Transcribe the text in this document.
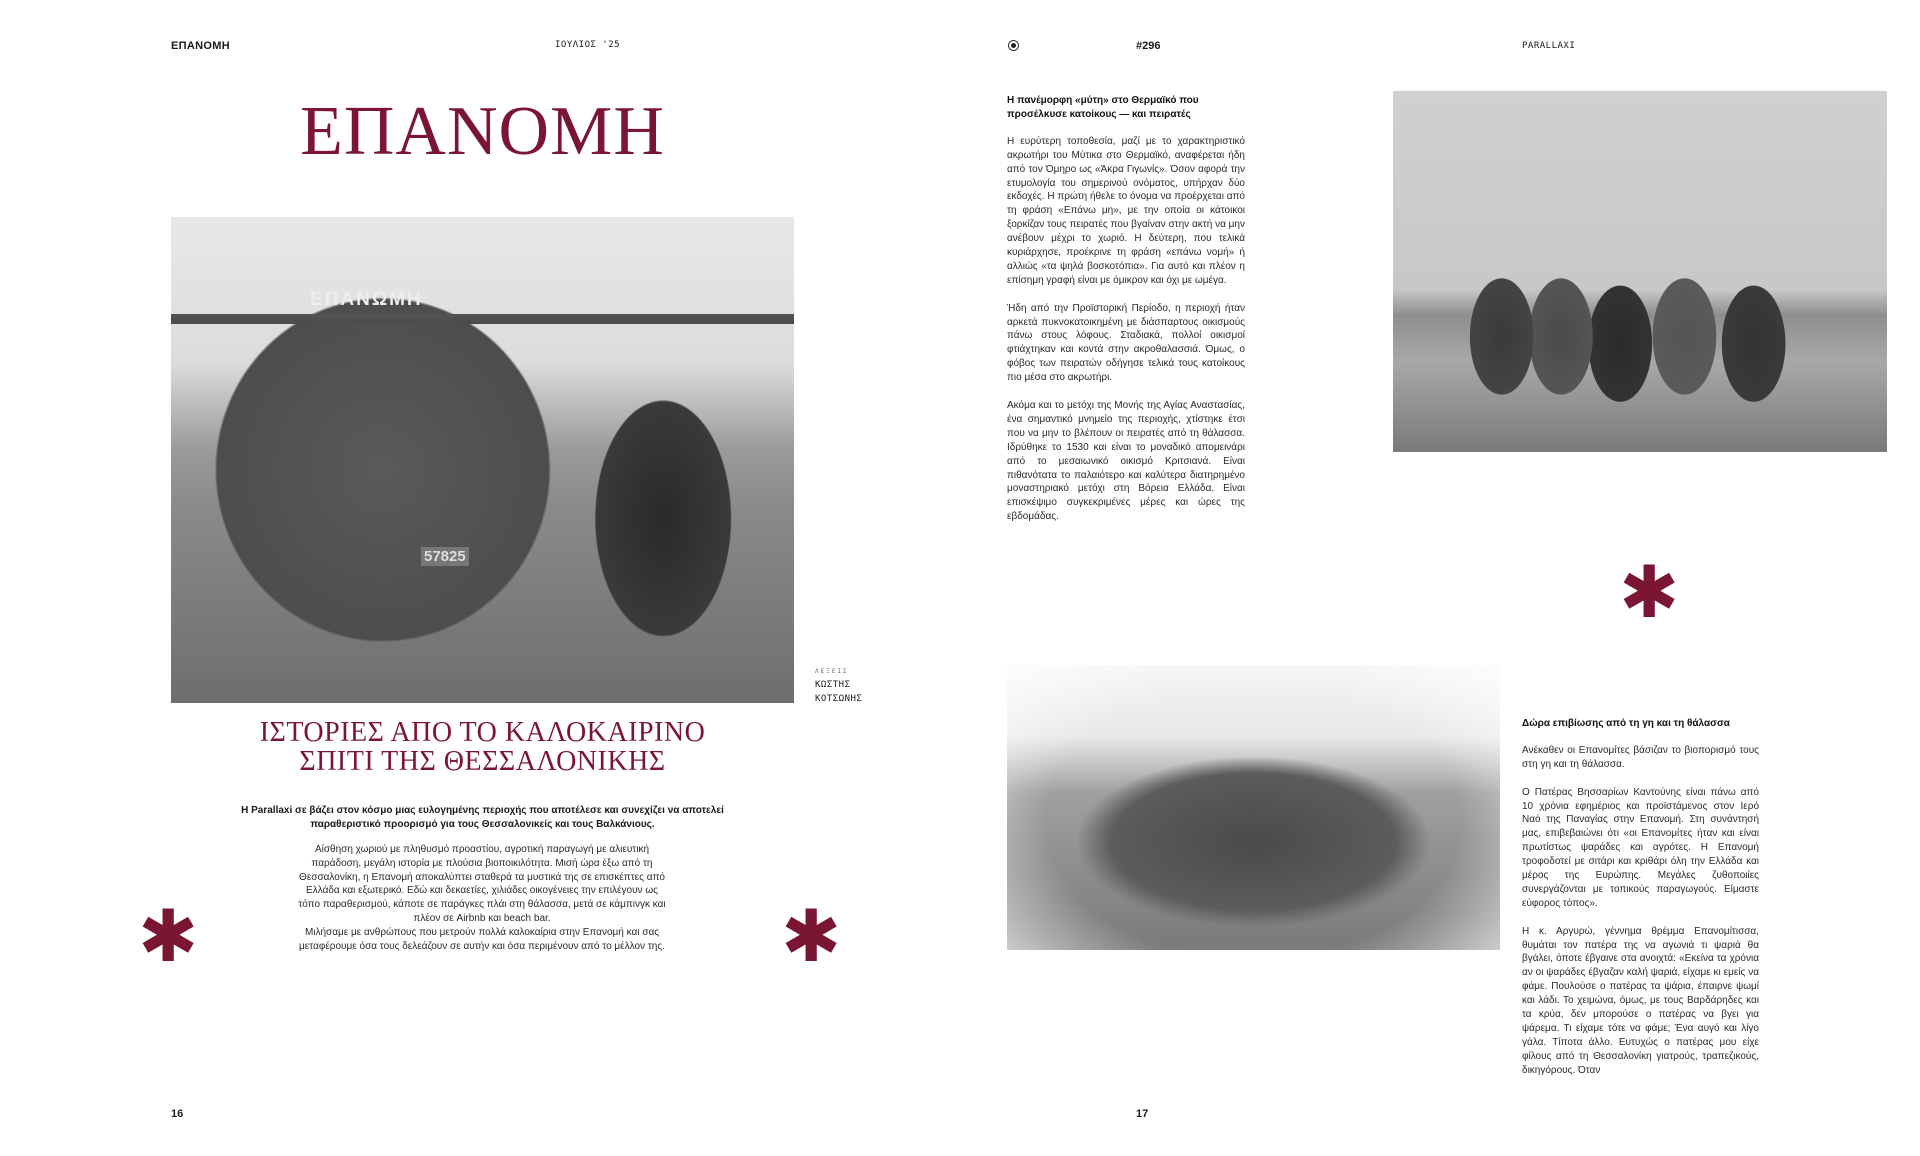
ΕΠΑΝΟΜΗ	ΙΟΥΛΙΟΣ '25
ΕΠΑΝΟΜΗ
ΕΠΑΝΩΜΗ
57825
ΛΕΞΕΙΣ
ΚΩΣΤΗΣ
ΚΟΤΣΩΝΗΣ
ΙΣΤΟΡΙΕΣ ΑΠΟ ΤΟ ΚΑΛΟΚΑΙΡΙΝΟ
ΣΠΙΤΙ ΤΗΣ ΘΕΣΣΑΛΟΝΙΚΗΣ

Η Parallaxi σε βάζει στον κόσμο μιας ευλογημένης περιοχής που αποτέλεσε και συνεχίζει να αποτελεί παραθεριστικό προορισμό για τους Θεσσαλονικείς και τους Βαλκάνιους.

Αίσθηση χωριού με πληθυσμό προαστίου, αγροτική παραγωγή με αλιευτική παράδοση, μεγάλη ιστορία με πλούσια βιοποικιλότητα. Μισή ώρα έξω από τη Θεσσαλονίκη, η Επανομή αποκαλύπτει σταθερά τα μυστικά της σε επισκέπτες από Ελλάδα και εξωτερικό. Εδώ και δεκαετίες, χιλιάδες οικογένειες την επιλέγουν ως τόπο παραθερισμού, κάποτε σε παράγκες πλάι στη θάλασσα, μετά σε κάμπινγκ και πλέον σε Airbnb και beach bar.

Μιλήσαμε με ανθρώπους που μετρούν πολλά καλοκαίρια στην Επανομή και σας μεταφέρουμε όσα τους δελεάζουν σε αυτήν και όσα περιμένουν από το μέλλον της.

✱	✱
16
#296	PARALLAXI
Η πανέμορφη «μύτη» στο Θερμαϊκό που προσέλκυσε κατοίκους — και πειρατές

Η ευρύτερη τοποθεσία, μαζί με το χαρακτηριστικό ακρωτήρι του Μύτικα στο Θερμαϊκό, αναφέρεται ήδη από τον Όμηρο ως «Άκρα Γιγωνίς». Όσον αφορά την ετυμολογία του σημερινού ονόματος, υπήρχαν δύο εκδοχές. Η πρώτη ήθελε το όνομα να προέρχεται από τη φράση «Επάνω μη», με την οποία οι κάτοικοι ξορκίζαν τους πειρατές που βγαίναν στην ακτή να μην ανέβουν μέχρι το χωριό. Η δεύτερη, που τελικά κυριάρχησε, προέκρινε τη φράση «επάνω νομή» ή αλλιώς «τα ψηλά βοσκοτόπια». Για αυτό και πλέον η επίσημη γραφή είναι με όμικρον και όχι με ωμέγα.

Ήδη από την Προϊστορική Περίοδο, η περιοχή ήταν αρκετά πυκνοκατοικημένη με διάσπαρτους οικισμούς πάνω στους λόφους. Σταδιακά, πολλοί οικισμοί φτιάχτηκαν και κοντά στην ακροθαλασσιά. Όμως, ο φόβος των πειρατών οδήγησε τελικά τους κατοίκους πιο μέσα στο ακρωτήρι.

Ακόμα και το μετόχι της Μονής της Αγίας Αναστασίας, ένα σημαντικό μνημείο της περιοχής, χτίστηκε έτσι που να μην το βλέπουν οι πειρατές από τη θάλασσα. Ιδρύθηκε το 1530 και είναι το μοναδικό απομεινάρι από το μεσαιωνικό οικισμό Κριτσιανά. Είναι πιθανότατα το παλαιότερο και καλύτερα διατηρημένο μοναστηριακό μετόχι στη Βόρεια Ελλάδα. Είναι επισκέψιμο συγκεκριμένες μέρες και ώρες της εβδομάδας.

✱
Δώρα επιβίωσης από τη γη και τη θάλασσα

Ανέκαθεν οι Επανομίτες βάσιζαν το βιοπορισμό τους στη γη και τη θάλασσα.

Ο Πατέρας Βησσαρίων Καντούνης είναι πάνω από 10 χρόνια εφημέριος και προϊστάμενος στον Ιερό Ναό της Παναγίας στην Επανομή. Στη συνάντησή μας, επιβεβαιώνει ότι «οι Επανομίτες ήταν και είναι πρωτίστως ψαράδες και αγρότες. Η Επανομή τροφοδοτεί με σιτάρι και κριθάρι όλη την Ελλάδα και μέρος της Ευρώπης. Μεγάλες ζυθοποιίες συνεργάζονται με τοπικούς παραγωγούς. Είμαστε εύφορος τόπος».

Η κ. Αργυρώ, γέννημα θρέμμα Επανομίτισσα, θυμάται τον πατέρα της να αγωνιά τι ψαριά θα βγάλει, όποτε έβγαινε στα ανοιχτά: «Εκείνα τα χρόνια αν οι ψαράδες έβγαζαν καλή ψαριά, είχαμε κι εμείς να φάμε. Πουλούσε ο πατέρας τα ψάρια, έπαιρνε ψωμί και λάδι. Το χειμώνα, όμως, με τους Βαρδάρηδες και τα κρύα, δεν μπορούσε ο πατέρας να βγει για ψάρεμα. Τι είχαμε τότε να φάμε; Ένα αυγό και λίγο γάλα. Τίποτα άλλο. Ευτυχώς ο πατέρας μου είχε φίλους από τη Θεσσαλονίκη γιατρούς, τραπεζικούς, δικηγόρους. Όταν

17
